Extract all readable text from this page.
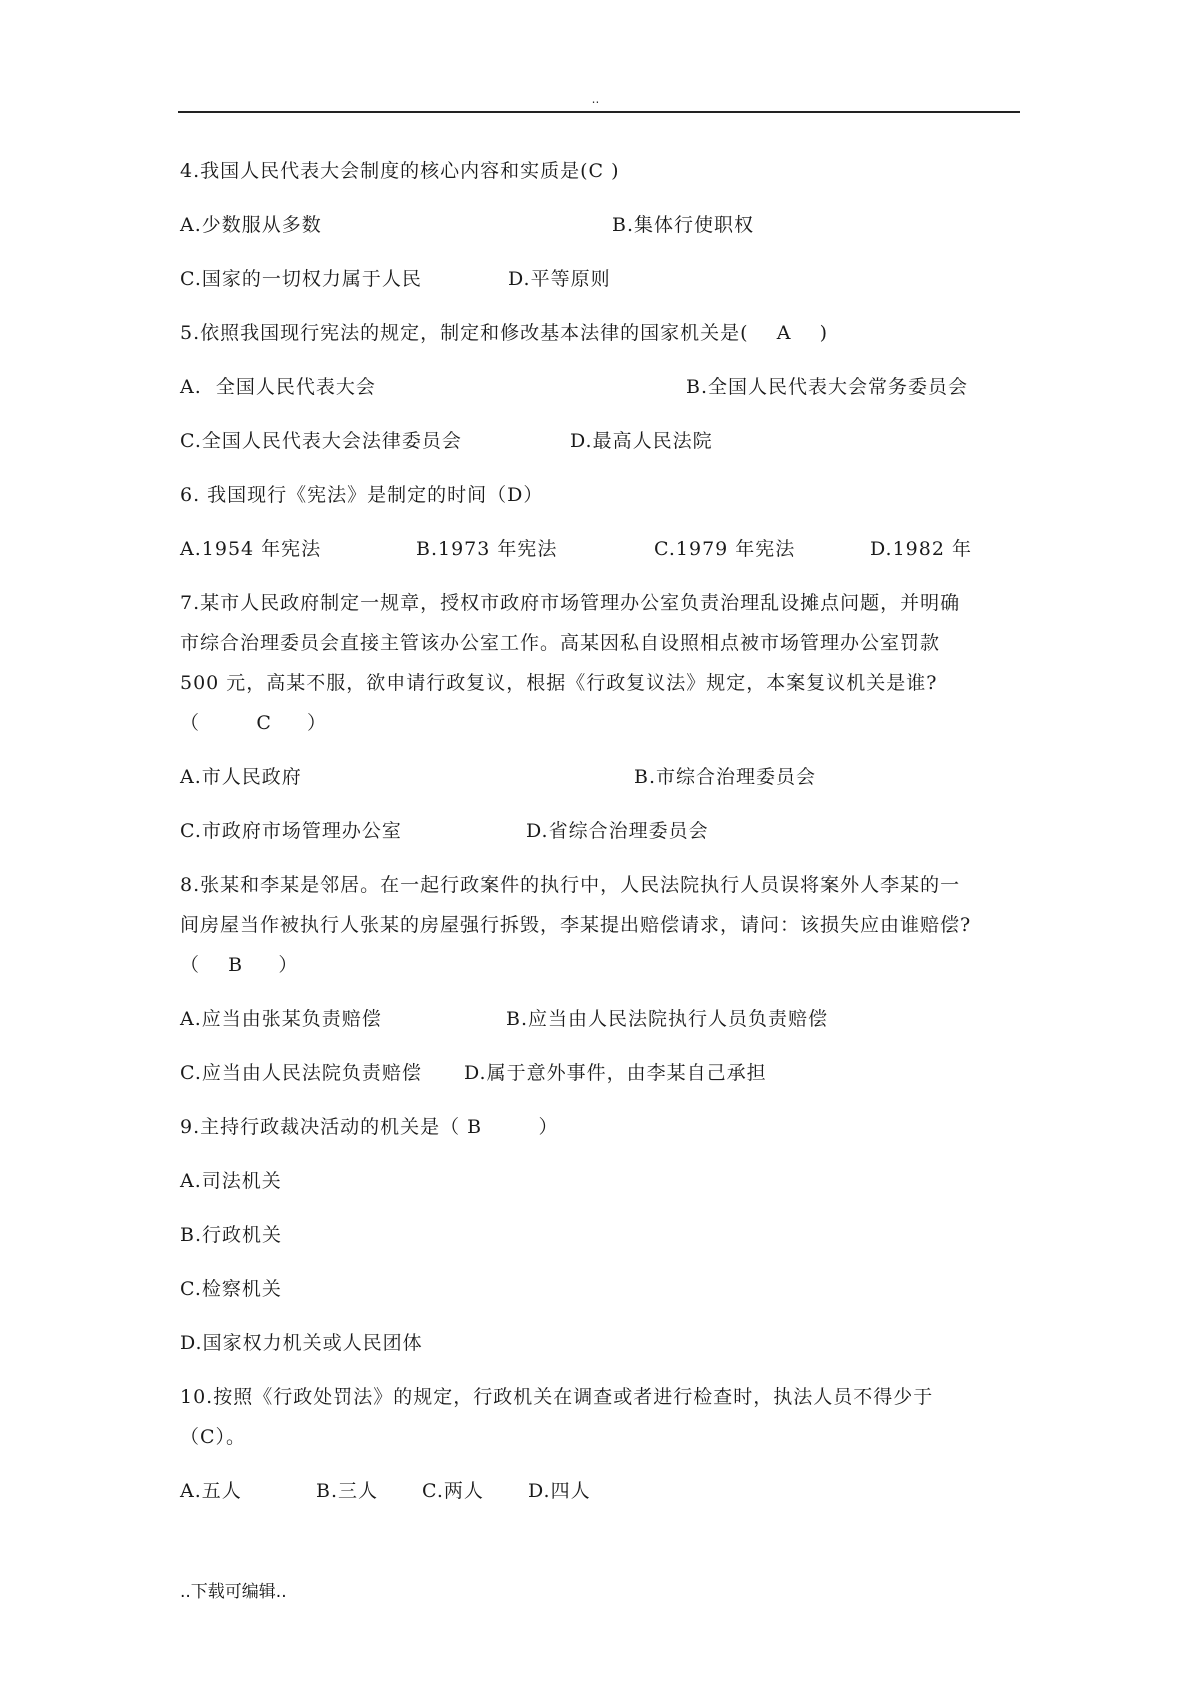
..
4.我国人民代表大会制度的核心内容和实质是(C )
A.少数服从多数	B.集体行使职权
C.国家的一切权力属于人民	D.平等原则
5.依照我国现行宪法的规定，制定和修改基本法律的国家机关是(    A    )
A.  全国人民代表大会	B.全国人民代表大会常务委员会
C.全国人民代表大会法律委员会	D.最高人民法院
6. 我国现行《宪法》是制定的时间（D）
A.1954 年宪法	B.1973 年宪法	C.1979 年宪法	D.1982 年
7.某市人民政府制定一规章，授权市政府市场管理办公室负责治理乱设摊点问题，并明确
市综合治理委员会直接主管该办公室工作。高某因私自设照相点被市场管理办公室罚款
500 元，高某不服，欲申请行政复议，根据《行政复议法》规定，本案复议机关是谁?
（        C     ）
A.市人民政府	B.市综合治理委员会
C.市政府市场管理办公室	D.省综合治理委员会
8.张某和李某是邻居。在一起行政案件的执行中，人民法院执行人员误将案外人李某的一
间房屋当作被执行人张某的房屋强行拆毁，李某提出赔偿请求，请问：该损失应由谁赔偿?
（    B     ）
A.应当由张某负责赔偿	B.应当由人民法院执行人员负责赔偿
C.应当由人民法院负责赔偿 D.属于意外事件，由李某自己承担
9.主持行政裁决活动的机关是（ B        ）
A.司法机关
B.行政机关
C.检察机关
D.国家权力机关或人民团体
10.按照《行政处罚法》的规定，行政机关在调查或者进行检查时，执法人员不得少于
（C）。
A.五人	B.三人 C.两人 D.四人
..下载可编辑..
